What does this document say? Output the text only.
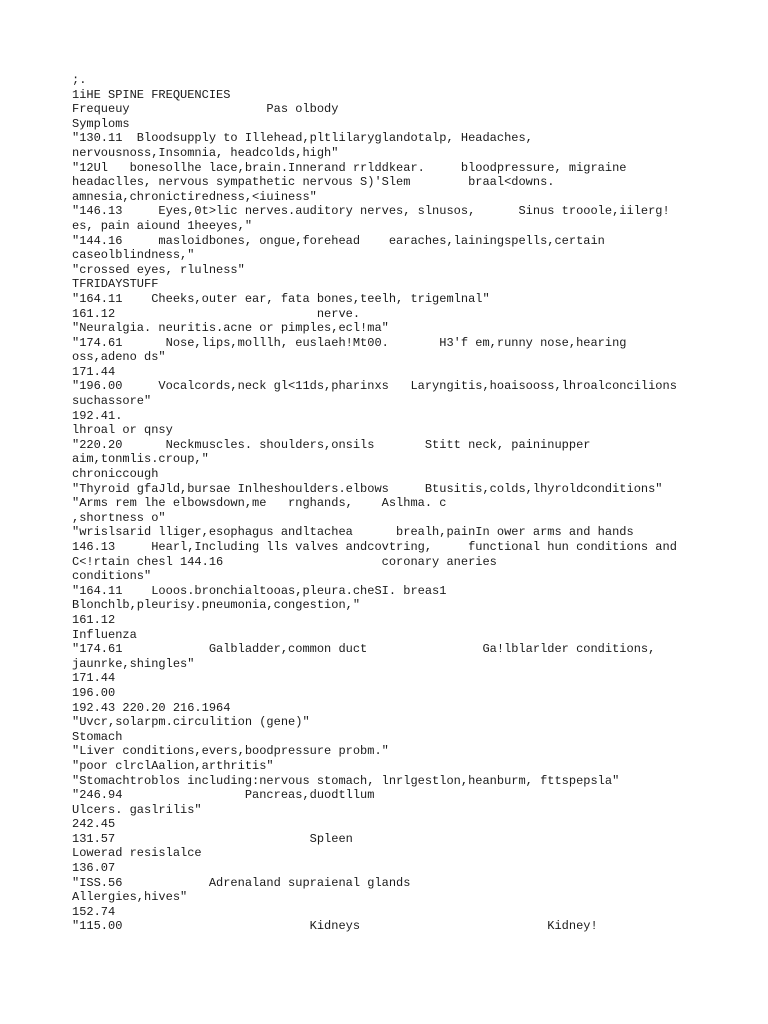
;.
1iHE SPINE FREQUENCIES
Frequeuy                   Pas olbody
Symploms
"130.11  Bloodsupply to Illehead,pltlilaryglandotalp, Headaches,
nervousnoss,Insomnia, headcolds,high"
"12Ul   bonesollhe lace,brain.Innerand rrlddkear.     bloodpressure, migraine
headaclles, nervous sympathetic nervous S)'Slem        braal<downs.
amnesia,chronictiredness,<iuiness"
"146.13     Eyes,0t>lic nerves.auditory nerves, slnusos,      Sinus trooole,iilerg!
es, pain aiound 1heeyes,"
"144.16     masloidbones, ongue,forehead    earaches,lainingspells,certain
caseolblindness,"
"crossed eyes, rlulness"
TFRIDAYSTUFF
"164.11    Cheeks,outer ear, fata bones,teelh, trigemlnal"
161.12                            nerve.
"Neuralgia. neuritis.acne or pimples,ecl!ma"
"174.61      Nose,lips,molllh, euslaeh!Mt00.       H3'f em,runny nose,hearing
oss,adeno ds"
171.44
"196.00     Vocalcords,neck gl<11ds,pharinxs   Laryngitis,hoaisooss,lhroalconcilions
suchassore"
192.41.
lhroal or qnsy
"220.20      Neckmuscles. shoulders,onsils       Stitt neck, paininupper
aim,tonmlis.croup,"
chroniccough
"Thyroid gfaJld,bursae Inlheshoulders.elbows     Btusitis,colds,lhyroldconditions"
"Arms rem lhe elbowsdown,me   rnghands,    Aslhma. c
,shortness o"
"wrislsarid lliger,esophagus andltachea      brealh,painIn ower arms and hands
146.13     Hearl,Including lls valves andcovtring,     functional hun conditions and
C<!rtain chesl 144.16                      coronary aneries
conditions"
"164.11    Looos.bronchialtooas,pleura.cheSI. breas1
Blonchlb,pleurisy.pneumonia,congestion,"
161.12
Influenza
"174.61            Galbladder,common duct                Ga!lblarlder conditions,
jaunrke,shingles"
171.44
196.00
192.43 220.20 216.1964
"Uvcr,solarpm.circulition (gene)"
Stomach
"Liver conditions,evers,boodpressure probm."
"poor clrclAalion,arthritis"
"Stomachtroblos including:nervous stomach, lnrlgestlon,heanburm, fttspepsla"
"246.94                 Pancreas,duodtllum
Ulcers. gaslrilis"
242.45
131.57                           Spleen
Lowerad resislalce
136.07
"ISS.56            Adrenaland supraienal glands
Allergies,hives"
152.74
"115.00                          Kidneys                          Kidney!
